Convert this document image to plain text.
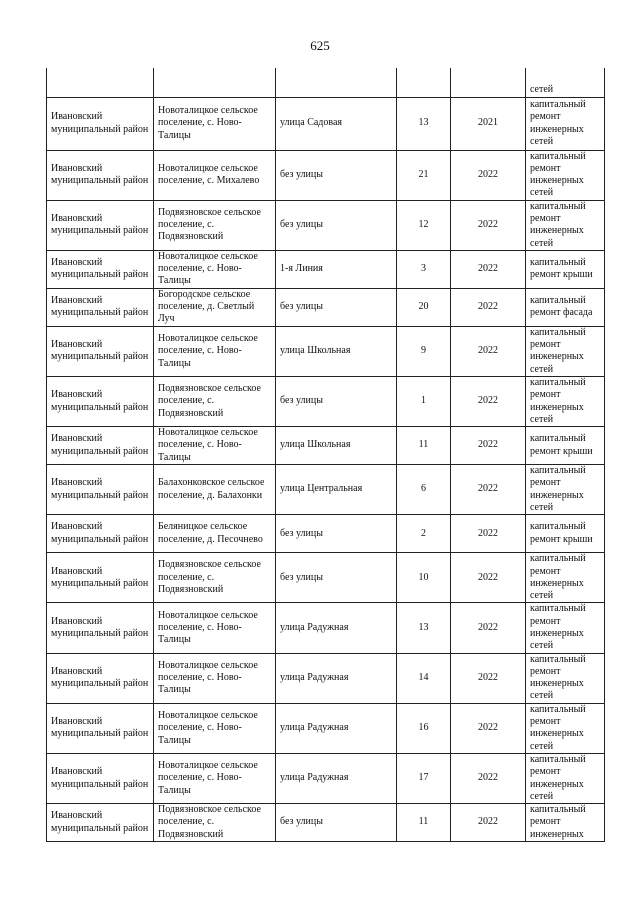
625
					сетей
Ивановский муниципальный район	Новоталицкое сельское поселение, с. Ново-Талицы	улица Садовая	13	2021	капитальный ремонт инженерных сетей
Ивановский муниципальный район	Новоталицкое сельское поселение, с. Михалево	без улицы	21	2022	капитальный ремонт инженерных сетей
Ивановский муниципальный район	Подвязновское сельское поселение, с. Подвязновский	без улицы	12	2022	капитальный ремонт инженерных сетей
Ивановский муниципальный район	Новоталицкое сельское поселение, с. Ново-Талицы	1-я Линия	3	2022	капитальный ремонт крыши
Ивановский муниципальный район	Богородское сельское поселение, д. Светлый Луч	без улицы	20	2022	капитальный ремонт фасада
Ивановский муниципальный район	Новоталицкое сельское поселение, с. Ново-Талицы	улица Школьная	9	2022	капитальный ремонт инженерных сетей
Ивановский муниципальный район	Подвязновское сельское поселение, с. Подвязновский	без улицы	1	2022	капитальный ремонт инженерных сетей
Ивановский муниципальный район	Новоталицкое сельское поселение, с. Ново-Талицы	улица Школьная	11	2022	капитальный ремонт крыши
Ивановский муниципальный район	Балахонковское сельское поселение, д. Балахонки	улица Центральная	6	2022	капитальный ремонт инженерных сетей
Ивановский муниципальный район	Беляницкое сельское поселение, д. Песочнево	без улицы	2	2022	капитальный ремонт крыши
Ивановский муниципальный район	Подвязновское сельское поселение, с. Подвязновский	без улицы	10	2022	капитальный ремонт инженерных сетей
Ивановский муниципальный район	Новоталицкое сельское поселение, с. Ново-Талицы	улица Радужная	13	2022	капитальный ремонт инженерных сетей
Ивановский муниципальный район	Новоталицкое сельское поселение, с. Ново-Талицы	улица Радужная	14	2022	капитальный ремонт инженерных сетей
Ивановский муниципальный район	Новоталицкое сельское поселение, с. Ново-Талицы	улица Радужная	16	2022	капитальный ремонт инженерных сетей
Ивановский муниципальный район	Новоталицкое сельское поселение, с. Ново-Талицы	улица Радужная	17	2022	капитальный ремонт инженерных сетей
Ивановский муниципальный район	Подвязновское сельское поселение, с. Подвязновский	без улицы	11	2022	капитальный ремонт инженерных
